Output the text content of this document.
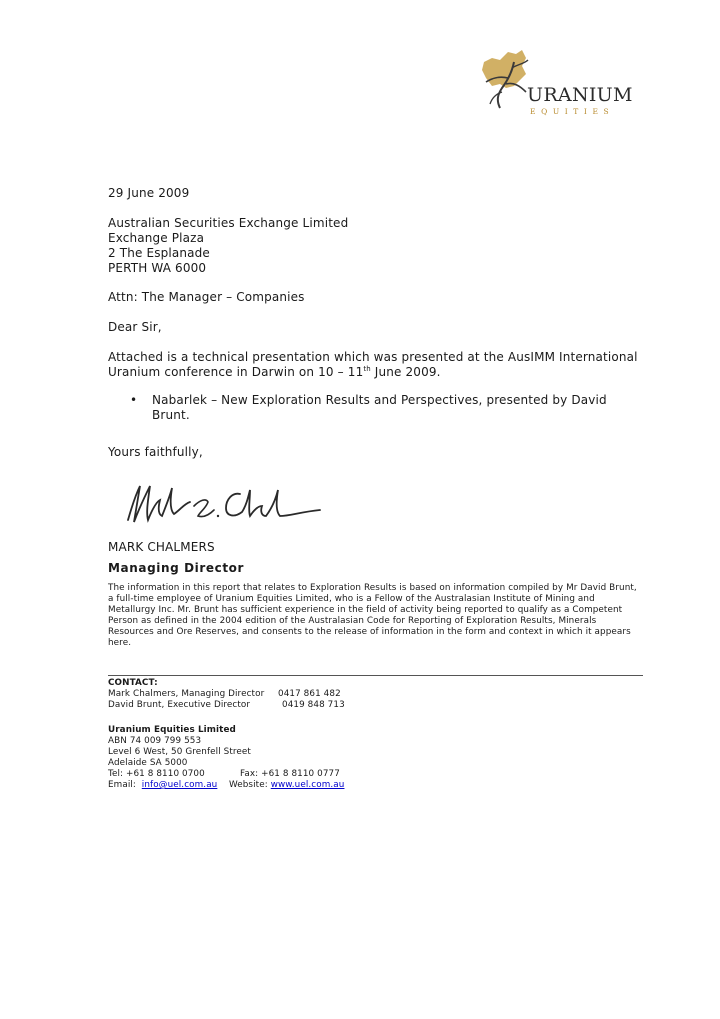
URANIUM
EQUITIES
29 June 2009
Australian Securities Exchange Limited
Exchange Plaza
2 The Esplanade
PERTH WA 6000
Attn: The Manager – Companies
Dear Sir,
Attached is a technical presentation which was presented at the AusIMM International
Uranium conference in Darwin on 10 – 11th June 2009.
• Nabarlek – New Exploration Results and Perspectives, presented by David Brunt.
Yours faithfully,
MARK CHALMERS
Managing Director
The information in this report that relates to Exploration Results is based on information compiled by Mr David Brunt, a full-time employee of Uranium Equities Limited, who is a Fellow of the Australasian Institute of Mining and Metallurgy Inc. Mr. Brunt has sufficient experience in the field of activity being reported to qualify as a Competent Person as defined in the 2004 edition of the Australasian Code for Reporting of Exploration Results, Minerals Resources and Ore Reserves, and consents to the release of information in the form and context in which it appears here.
CONTACT:
Mark Chalmers, Managing Director 0417 861 482
David Brunt, Executive Director	0419 848 713
Uranium Equities Limited
ABN 74 009 799 553
Level 6 West, 50 Grenfell Street
Adelaide SA 5000
Tel: +61 8 8110 0700	Fax: +61 8 8110 0777
Email: info@uel.com.au Website: www.uel.com.au
